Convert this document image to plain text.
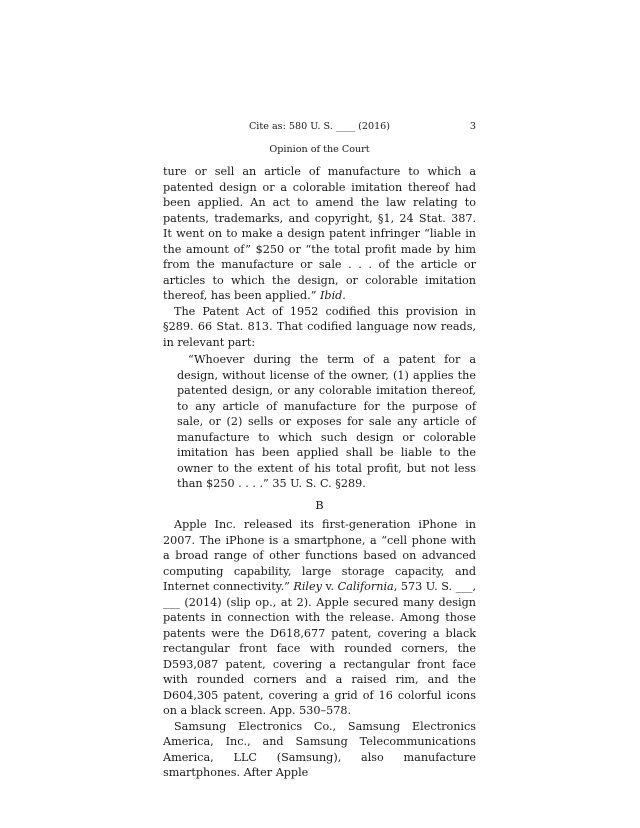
Cite as: 580 U. S. ____ (2016)	3
Opinion of the Court

ture or sell an article of manufacture to which a patented design or a colorable imitation thereof had been applied. An act to amend the law relating to patents, trademarks, and copyright, §1, 24 Stat. 387. It went on to make a design patent infringer “liable in the amount of” $250 or “the total profit made by him from the manufacture or sale . . . of the article or articles to which the design, or colorable imitation thereof, has been applied.” Ibid.

The Patent Act of 1952 codified this provision in §289. 66 Stat. 813. That codified language now reads, in relevant part:

“Whoever during the term of a patent for a design, without license of the owner, (1) applies the patented design, or any colorable imitation thereof, to any article of manufacture for the purpose of sale, or (2) sells or exposes for sale any article of manufacture to which such design or colorable imitation has been applied shall be liable to the owner to the extent of his total profit, but not less than $250 . . . .” 35 U. S. C. §289.

B

Apple Inc. released its first-generation iPhone in 2007. The iPhone is a smartphone, a “cell phone with a broad range of other functions based on advanced computing capability, large storage capacity, and Internet connectivity.” Riley v. California, 573 U. S. ___, ___ (2014) (slip op., at 2). Apple secured many design patents in connection with the release. Among those patents were the D618,677 patent, covering a black rectangular front face with rounded corners, the D593,087 patent, covering a rectangular front face with rounded corners and a raised rim, and the D604,305 patent, covering a grid of 16 colorful icons on a black screen. App. 530–578.

Samsung Electronics Co., Samsung Electronics America, Inc., and Samsung Telecommunications America, LLC (Samsung), also manufacture smartphones. After Apple
